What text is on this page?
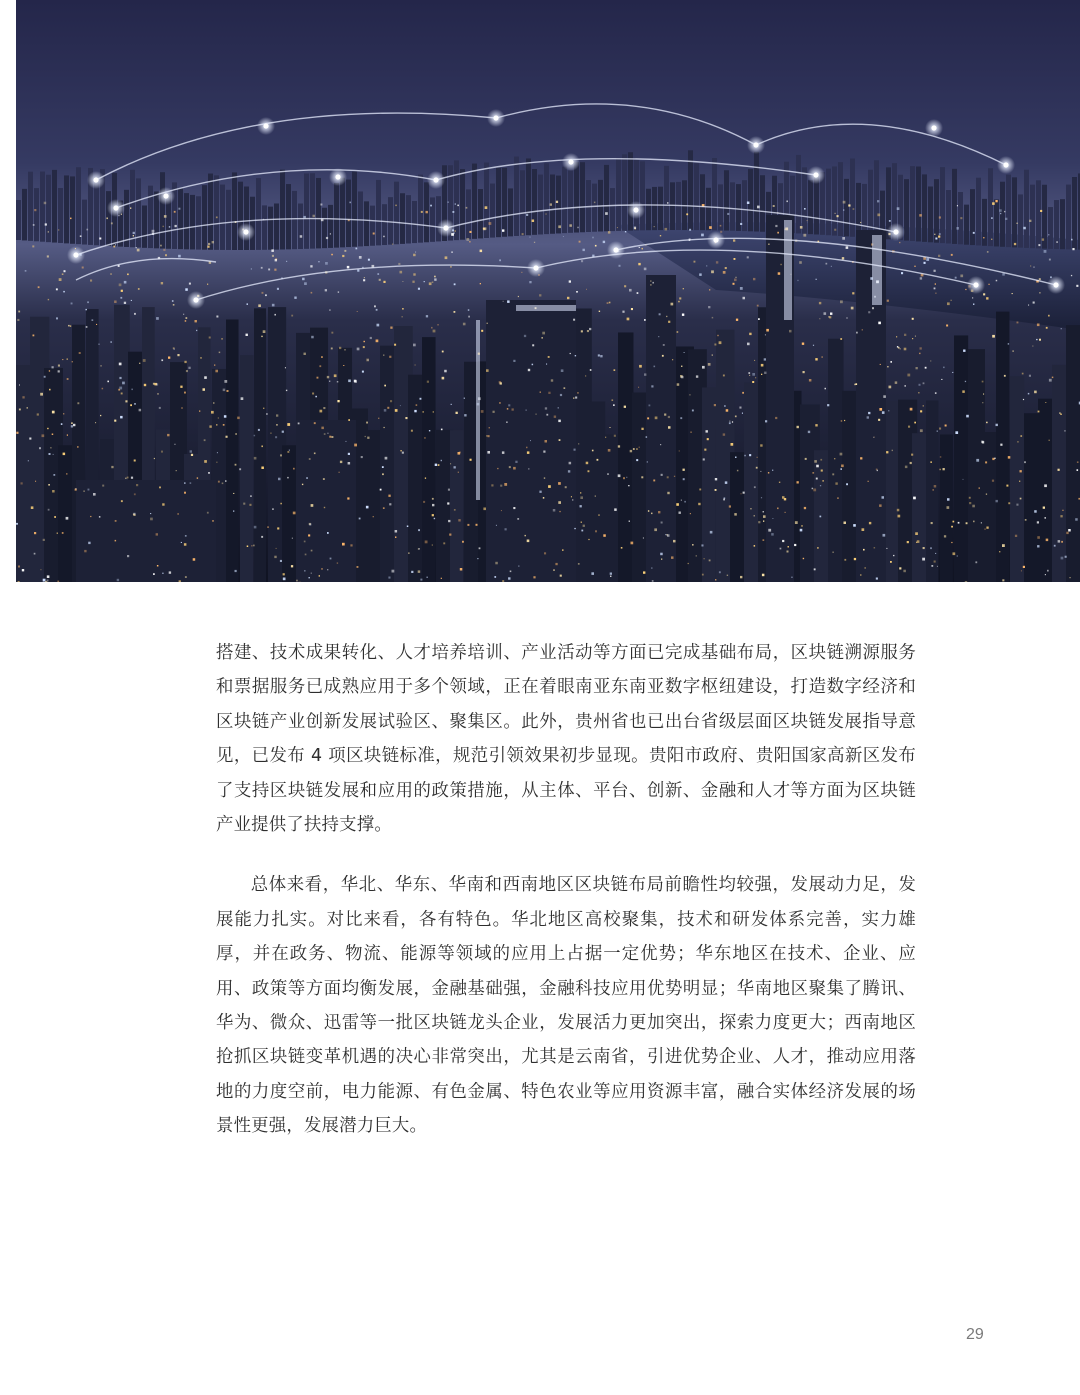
搭建、技术成果转化、人才培养培训、产业活动等方面已完成基础布局，区块链溯源服务和票据服务已成熟应用于多个领域，正在着眼南亚东南亚数字枢纽建设，打造数字经济和区块链产业创新发展试验区、聚集区。此外，贵州省也已出台省级层面区块链发展指导意见，已发布 4 项区块链标准，规范引领效果初步显现。贵阳市政府、贵阳国家高新区发布了支持区块链发展和应用的政策措施，从主体、平台、创新、金融和人才等方面为区块链产业提供了扶持支撑。

总体来看，华北、华东、华南和西南地区区块链布局前瞻性均较强，发展动力足，发展能力扎实。对比来看，各有特色。华北地区高校聚集，技术和研发体系完善，实力雄厚，并在政务、物流、能源等领域的应用上占据一定优势；华东地区在技术、企业、应用、政策等方面均衡发展，金融基础强，金融科技应用优势明显；华南地区聚集了腾讯、华为、微众、迅雷等一批区块链龙头企业，发展活力更加突出，探索力度更大；西南地区抢抓区块链变革机遇的决心非常突出，尤其是云南省，引进优势企业、人才，推动应用落地的力度空前，电力能源、有色金属、特色农业等应用资源丰富，融合实体经济发展的场景性更强，发展潜力巨大。

29
